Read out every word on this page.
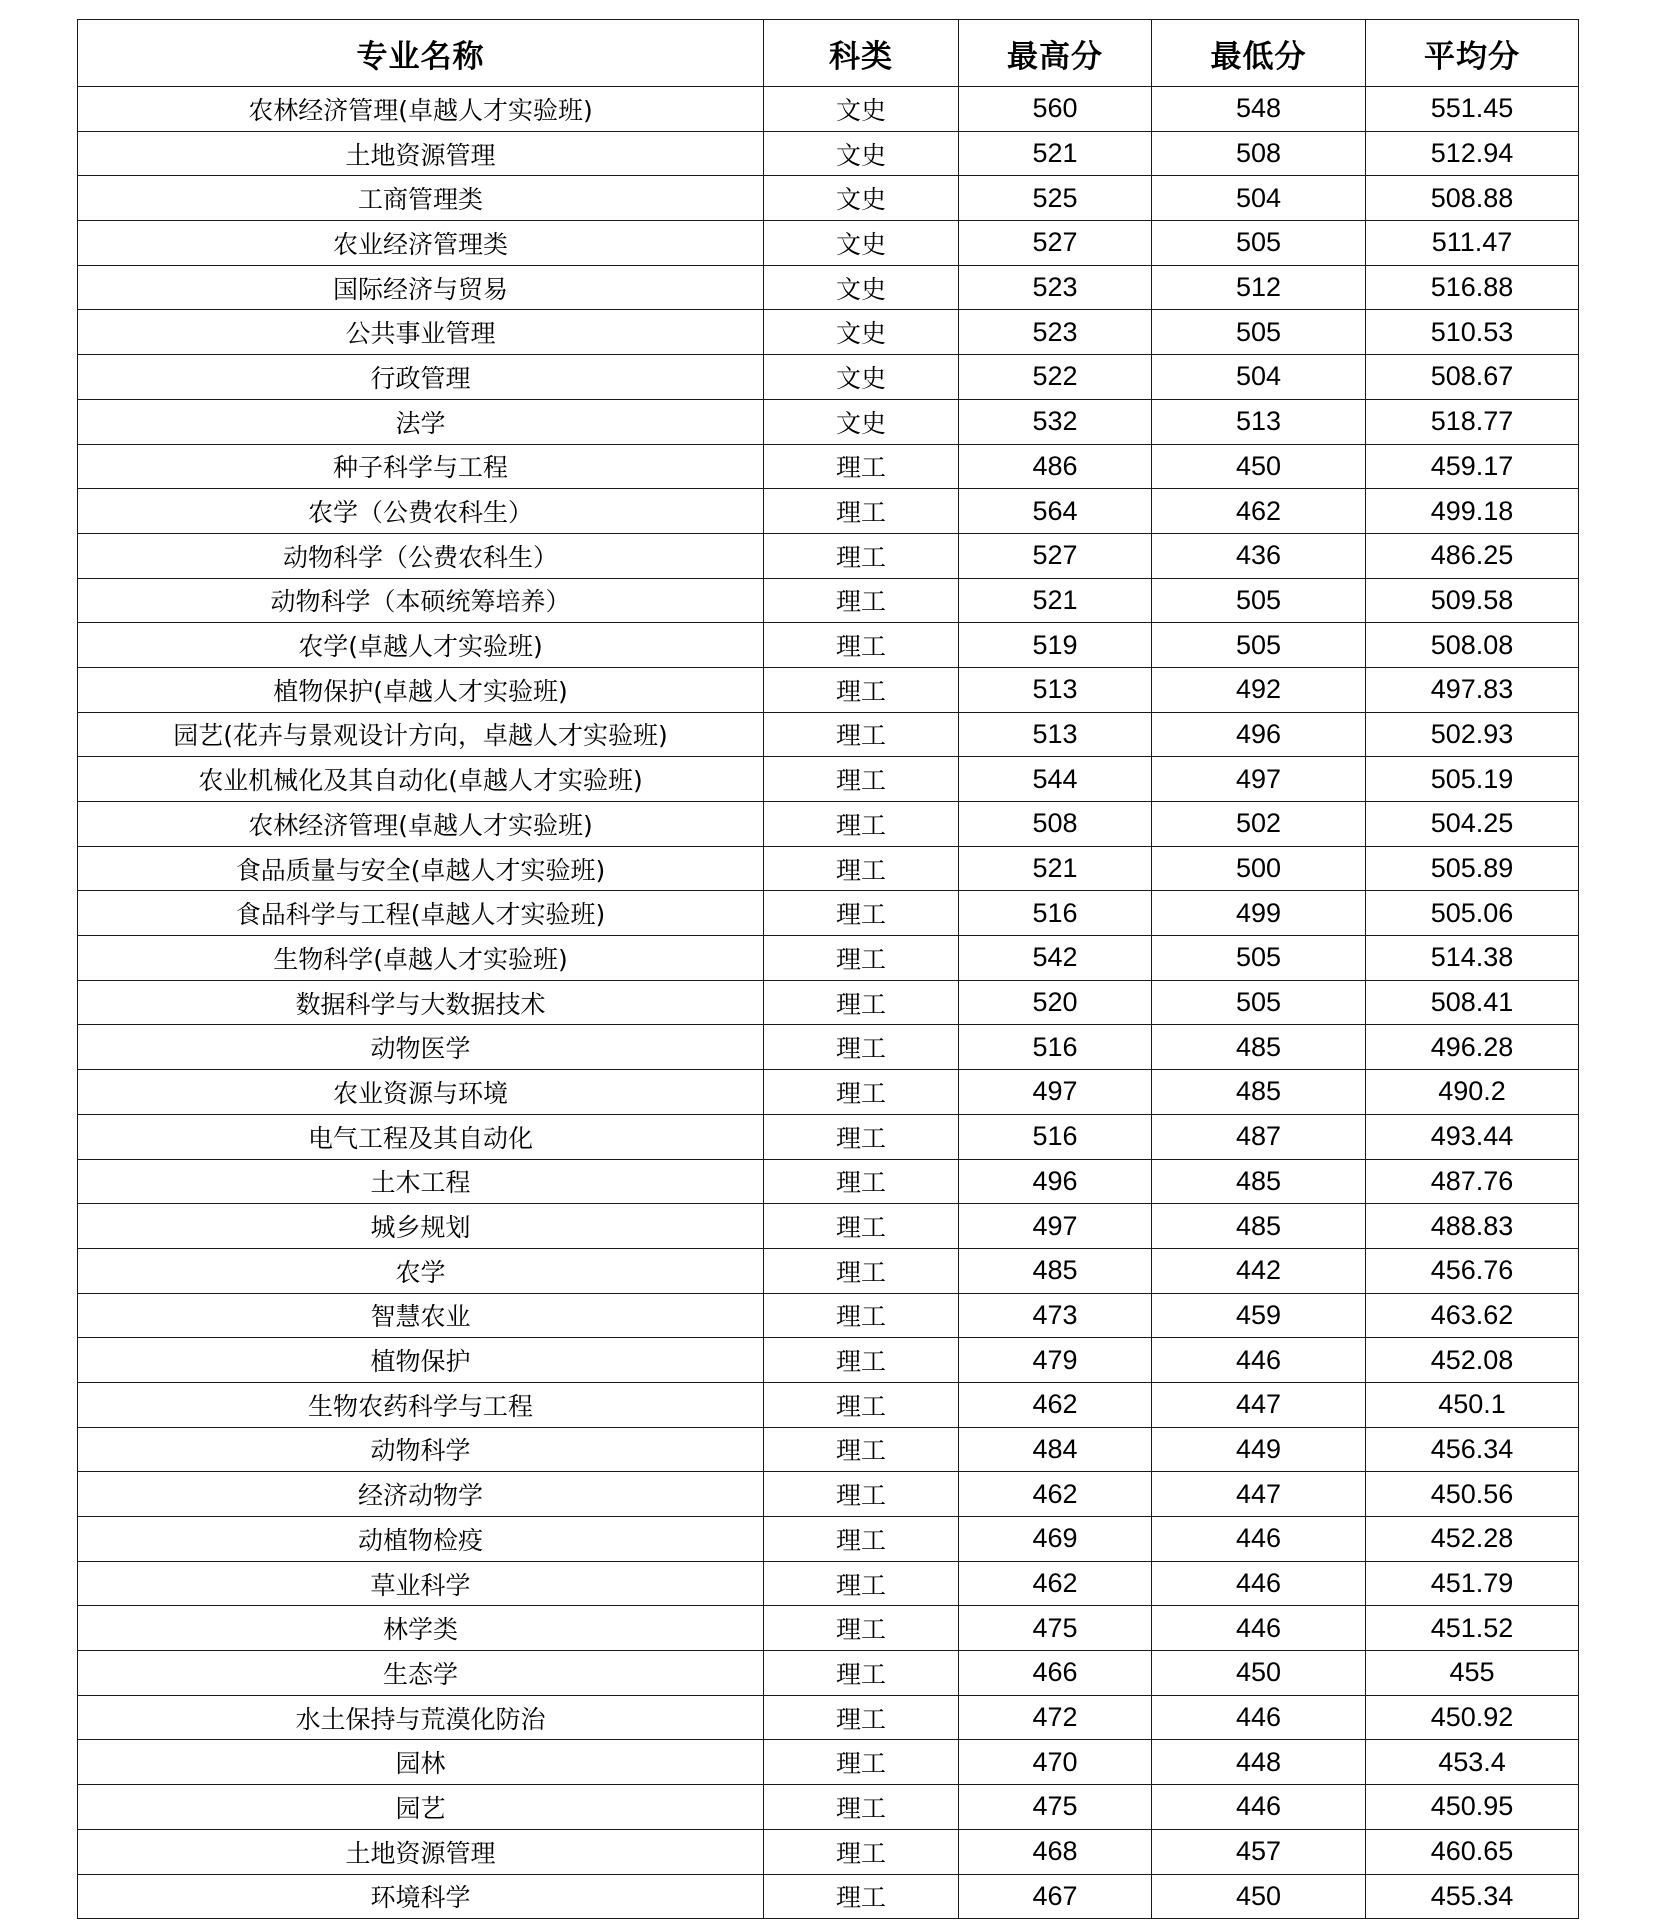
专业名称	科类	最高分	最低分	平均分
农林经济管理(卓越人才实验班)	文史	560	548	551.45
土地资源管理	文史	521	508	512.94
工商管理类	文史	525	504	508.88
农业经济管理类	文史	527	505	511.47
国际经济与贸易	文史	523	512	516.88
公共事业管理	文史	523	505	510.53
行政管理	文史	522	504	508.67
法学	文史	532	513	518.77
种子科学与工程	理工	486	450	459.17
农学（公费农科生）	理工	564	462	499.18
动物科学（公费农科生）	理工	527	436	486.25
动物科学（本硕统筹培养）	理工	521	505	509.58
农学(卓越人才实验班)	理工	519	505	508.08
植物保护(卓越人才实验班)	理工	513	492	497.83
园艺(花卉与景观设计方向，卓越人才实验班)	理工	513	496	502.93
农业机械化及其自动化(卓越人才实验班)	理工	544	497	505.19
农林经济管理(卓越人才实验班)	理工	508	502	504.25
食品质量与安全(卓越人才实验班)	理工	521	500	505.89
食品科学与工程(卓越人才实验班)	理工	516	499	505.06
生物科学(卓越人才实验班)	理工	542	505	514.38
数据科学与大数据技术	理工	520	505	508.41
动物医学	理工	516	485	496.28
农业资源与环境	理工	497	485	490.2
电气工程及其自动化	理工	516	487	493.44
土木工程	理工	496	485	487.76
城乡规划	理工	497	485	488.83
农学	理工	485	442	456.76
智慧农业	理工	473	459	463.62
植物保护	理工	479	446	452.08
生物农药科学与工程	理工	462	447	450.1
动物科学	理工	484	449	456.34
经济动物学	理工	462	447	450.56
动植物检疫	理工	469	446	452.28
草业科学	理工	462	446	451.79
林学类	理工	475	446	451.52
生态学	理工	466	450	455
水土保持与荒漠化防治	理工	472	446	450.92
园林	理工	470	448	453.4
园艺	理工	475	446	450.95
土地资源管理	理工	468	457	460.65
环境科学	理工	467	450	455.34
